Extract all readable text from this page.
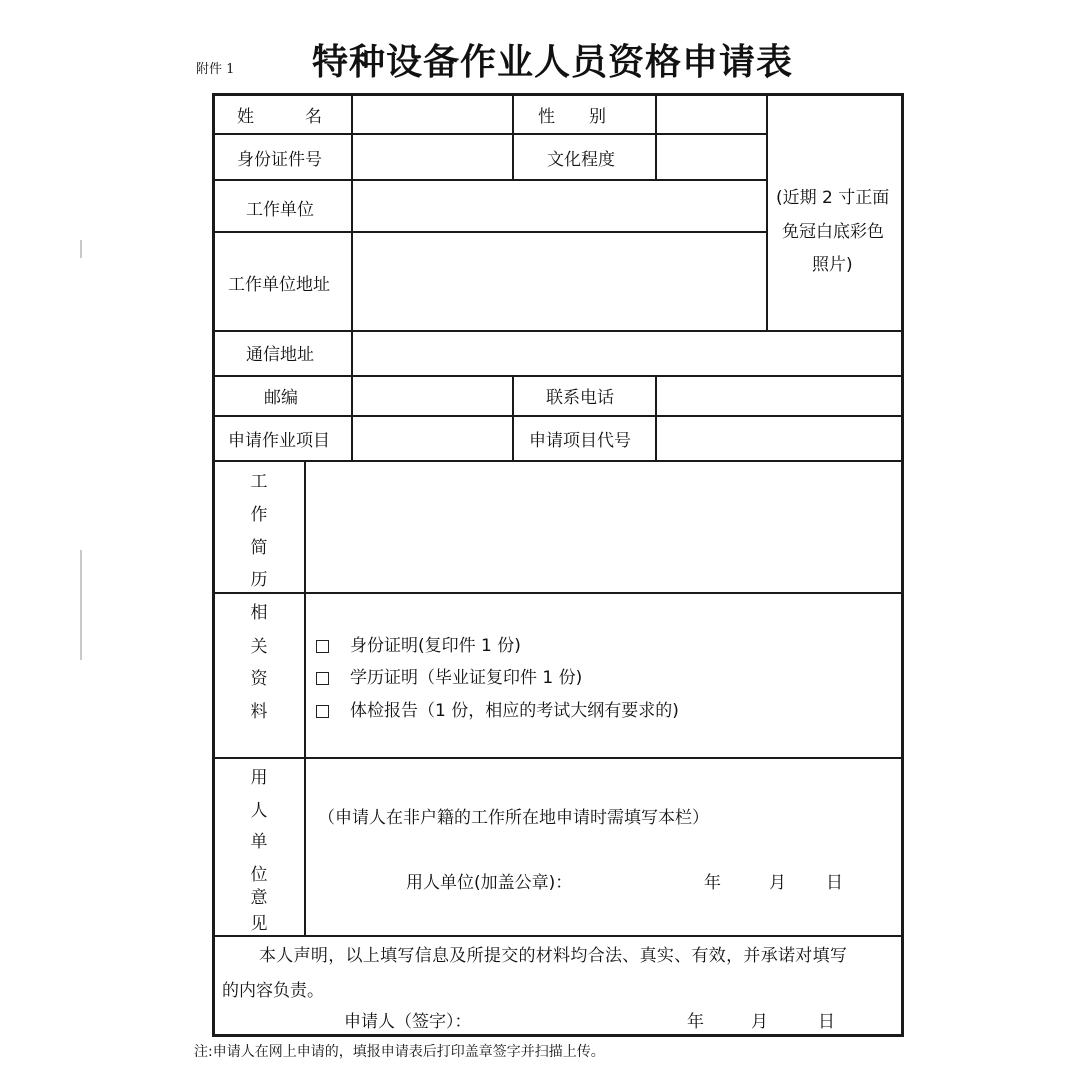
附件 1 特种设备作业人员资格申请表
姓　　　名	性　　别
身份证件号	文化程度
工作单位
工作单位地址
通信地址
邮编	联系电话
申请作业项目	申请项目代号
(近期 2 寸正面
免冠白底彩色
照片)
工
作
简
历
相
关
资
料
身份证明(复印件 1 份)
学历证明（毕业证复印件 1 份)
体检报告（1 份，相应的考试大纲有要求的)
用
人
单
位
意
见
（申请人在非户籍的工作所在地申请时需填写本栏）
用人单位(加盖公章)：	年	月 日
本人声明，以上填写信息及所提交的材料均合法、真实、有效，并承诺对填写
的内容负责。
申请人（签字）：	年	月	日
注:申请人在网上申请的，填报申请表后打印盖章签字并扫描上传。
